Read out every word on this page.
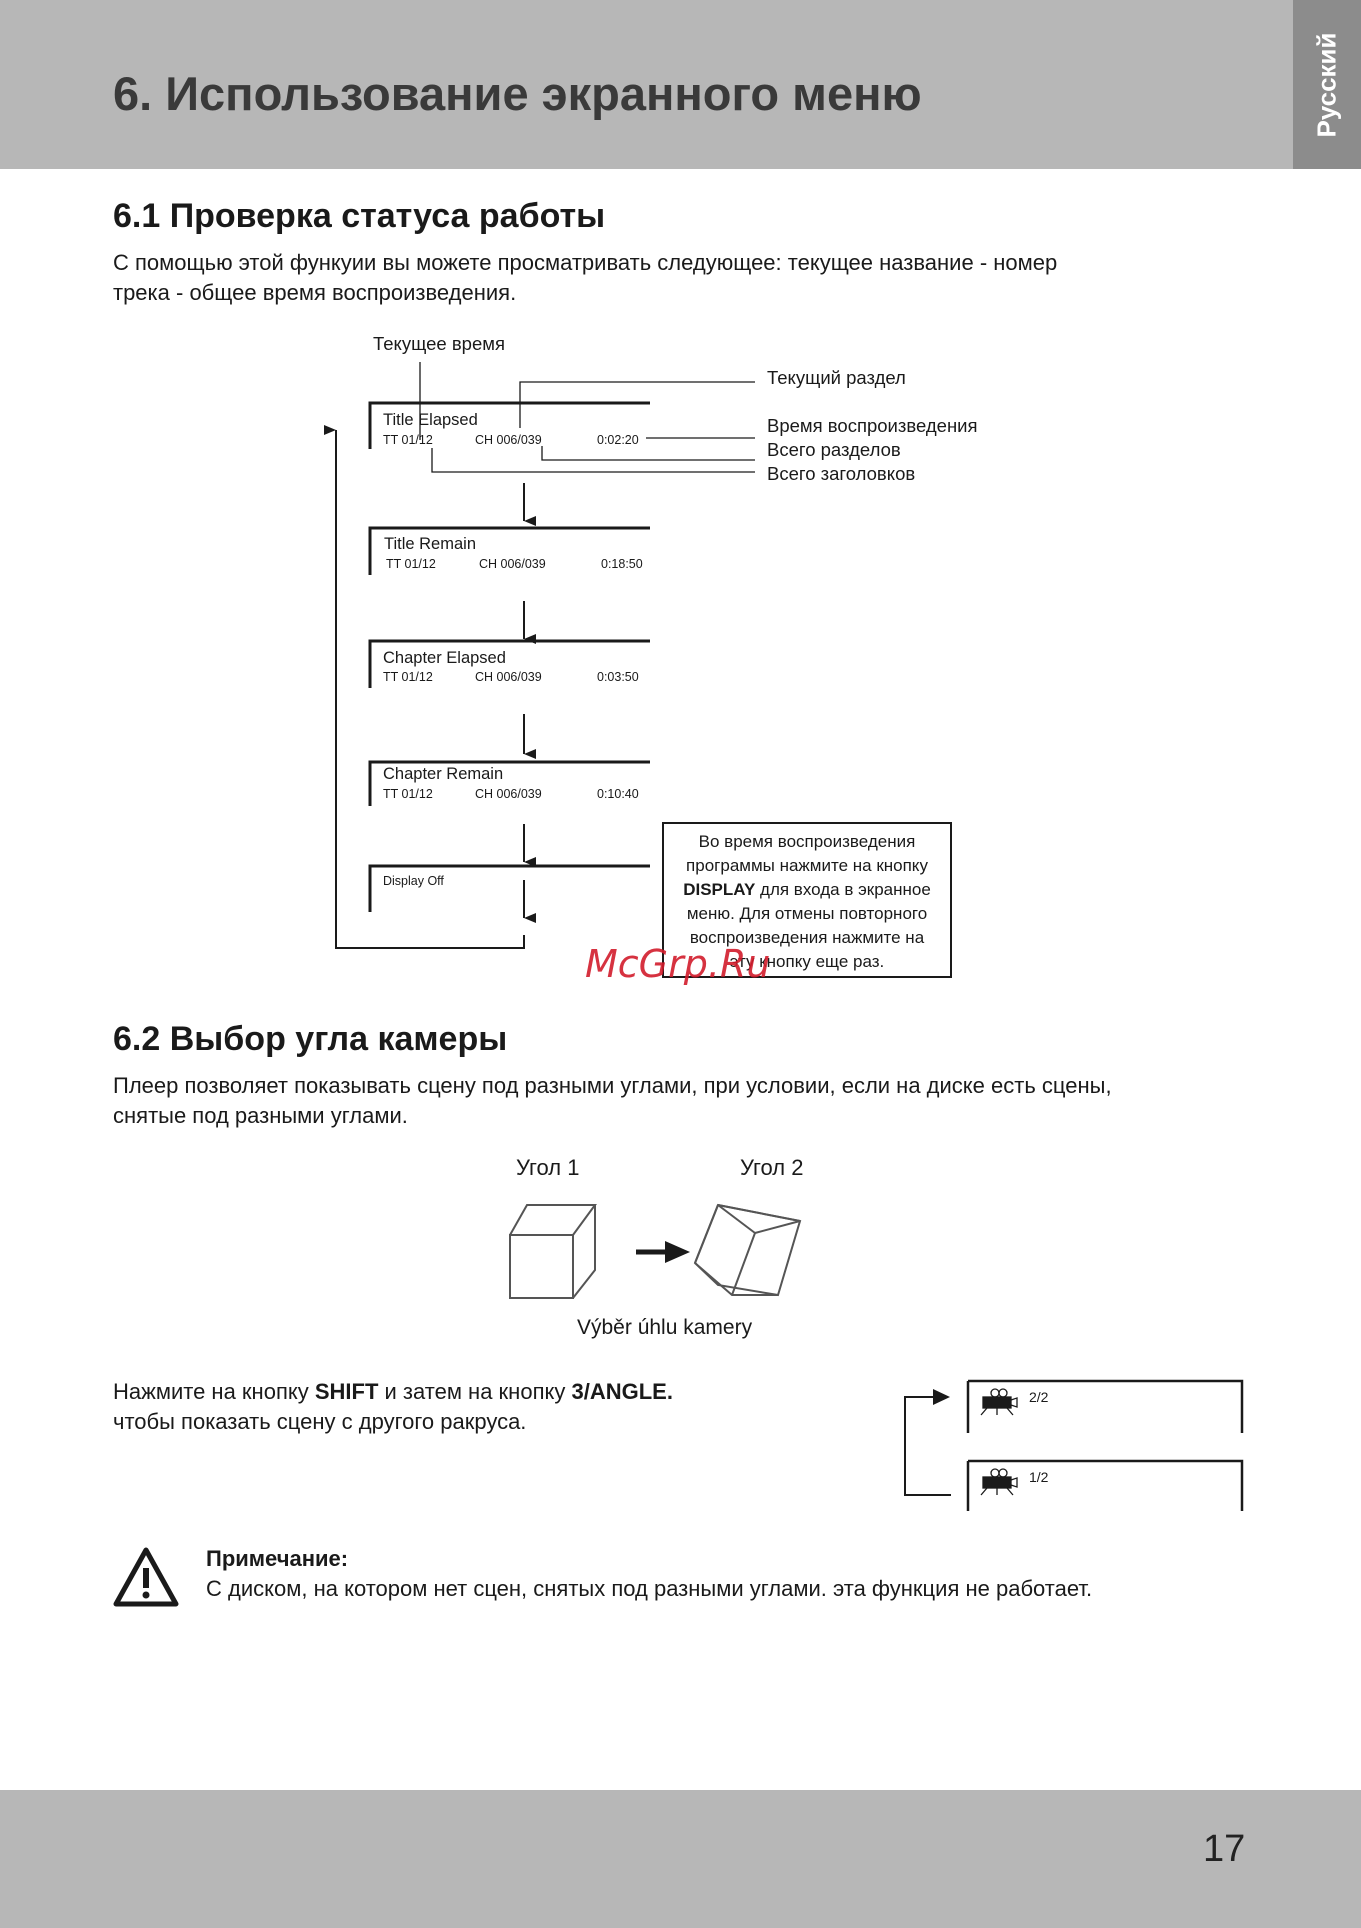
6. Использование экранного меню	Русский
6.1 Проверка статуса работы
С помощью этой функуии вы можете просматривать следующее: текущее название - номер
трека - общее время воспроизведения.
Текущее время
Текущий раздел
Время воспроизведения
Всего разделов
Всего заголовков
Title Elapsed
TT 01/12	CH 006/039	0:02:20
Title Remain
TT 01/12	CH 006/039	0:18:50
Chapter Elapsed
TT 01/12	CH 006/039	0:03:50
Chapter Remain
TT 01/12	CH 006/039	0:10:40
Display Off
Во время воспроизведения
программы нажмите на кнопку
DISPLAY для входа в экранное
меню. Для отмены повторного
воспроизведения нажмите на
эту кнопку еще раз.
McGrp.Ru
6.2 Выбор угла камеры
Плеер позволяет показывать сцену под разными углами, при условии, если на диске есть сцены,
снятые под разными углами.
Угол 1	Угол 2
Výběr úhlu kamery
Нажмите на кнопку SHIFT и затем на кнопку 3/ANGLE.
чтобы показать сцену с другого ракруса.
2/2
1/2
Примечание:
С диском, на котором нет сцен, снятых под разными углами. эта функция не работает.
17
